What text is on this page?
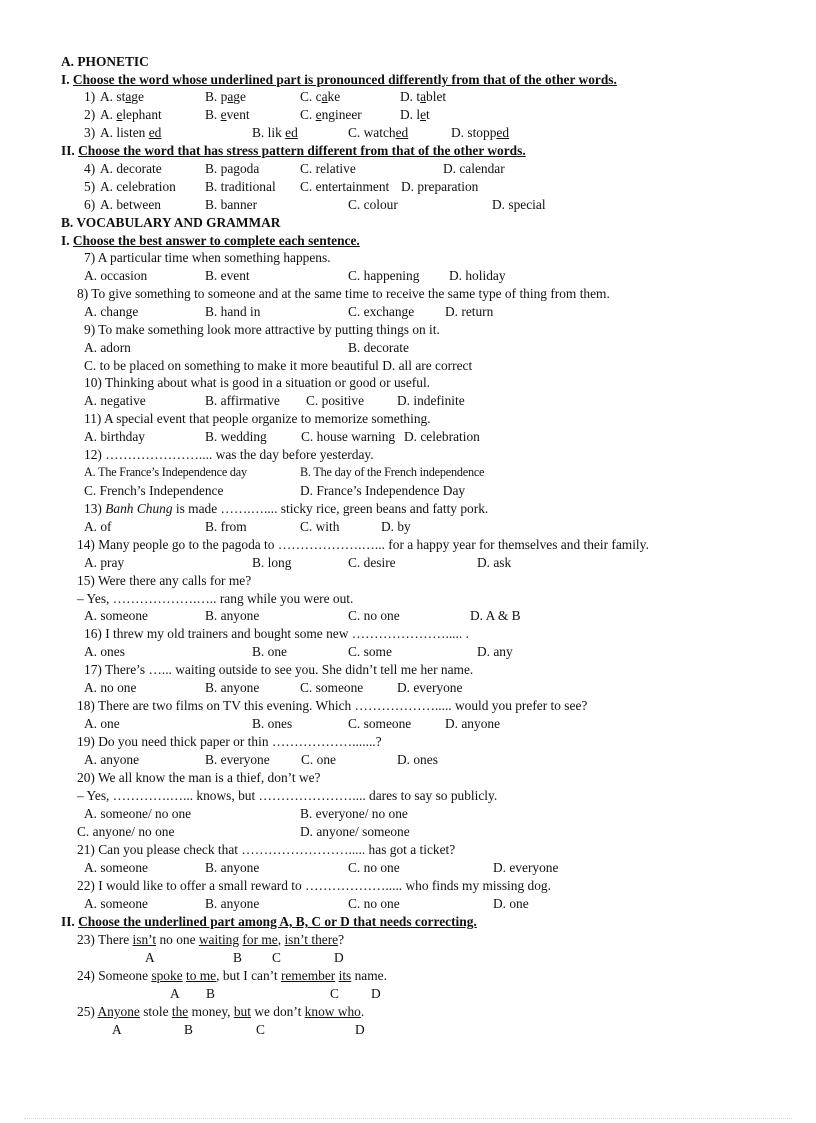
A. PHONETIC
I. Choose the word whose underlined part is pronounced differently from that of the other words.
1) A. stage	B. page	C. cake	D. tablet
2) A. elephant	B. event	C. engineer	D. let
3) A. listen ed	B. lik ed	C. watched	D. stopped
II. Choose the word that has stress pattern different from that of the other words.
4) A. decorate	B. pagoda	C. relative	D. calendar
5) A. celebration B. traditional C. entertainment D. preparation
6) A. between	B. banner	C. colour	D. special
B. VOCABULARY AND GRAMMAR
I. Choose the best answer to complete each sentence.
7) A particular time when something happens.
A. occasion	B. event	C. happening D. holiday
8) To give something to someone and at the same time to receive the same type of thing from them.
A. change	B. hand in	C. exchange D. return
9) To make something look more attractive by putting things on it.
A. adorn	B. decorate
C. to be placed on something to make it more beautiful D. all are correct
10) Thinking about what is good in a situation or good or useful.
A. negative	B. affirmative C. positive D. indefinite
11) A special event that people organize to memorize something.
A. birthday	B. wedding	C. house warning D. celebration
12) ………………….... was the day before yesterday.
A. The France’s Independence day	B. The day of the French independence
C. French’s Independence	D. France’s Independence Day
13) Banh Chung is made …….….... sticky rice, green beans and fatty pork.
A. of	B. from	C. with	D. by
14) Many people go to the pagoda to ……………….…... for a happy year for themselves and their family.
A. pray	B. long	C. desire	D. ask
15) Were there any calls for me?
– Yes, ……………….….. rang while you were out.
A. someone	B. anyone	C. no one	D. A & B
16) I threw my old trainers and bought some new …………………..... .
A. ones	B. one	C. some	D. any
17) There’s …... waiting outside to see you. She didn’t tell me her name.
A. no one	B. anyone	C. someone	D. everyone
18) There are two films on TV this evening. Which ………………..... would you prefer to see?
A. one	B. ones	C. someone	D. anyone
19) Do you need thick paper or thin ……………….......?
A. anyone	B. everyone C. one	D. ones
20) We all know the man is a thief, don’t we?
– Yes, ………….…... knows, but ………………….... dares to say so publicly.
A. someone/ no one	B. everyone/ no one
C. anyone/ no one	D. anyone/ someone
21) Can you please check that ……………………..... has got a ticket?
A. someone	B. anyone	C. no one	D. everyone
22) I would like to offer a small reward to ………………..... who finds my missing dog.
A. someone	B. anyone	C. no one	D. one
II. Choose the underlined part among A, B, C or D that needs correcting.
23) There isn’t no one waiting for me, isn’t there?
A	B C	D
24) Someone spoke to me, but I can’t remember its name.
A B	C D
25) Anyone stole the money, but we don’t know who.
A	B	C	D
